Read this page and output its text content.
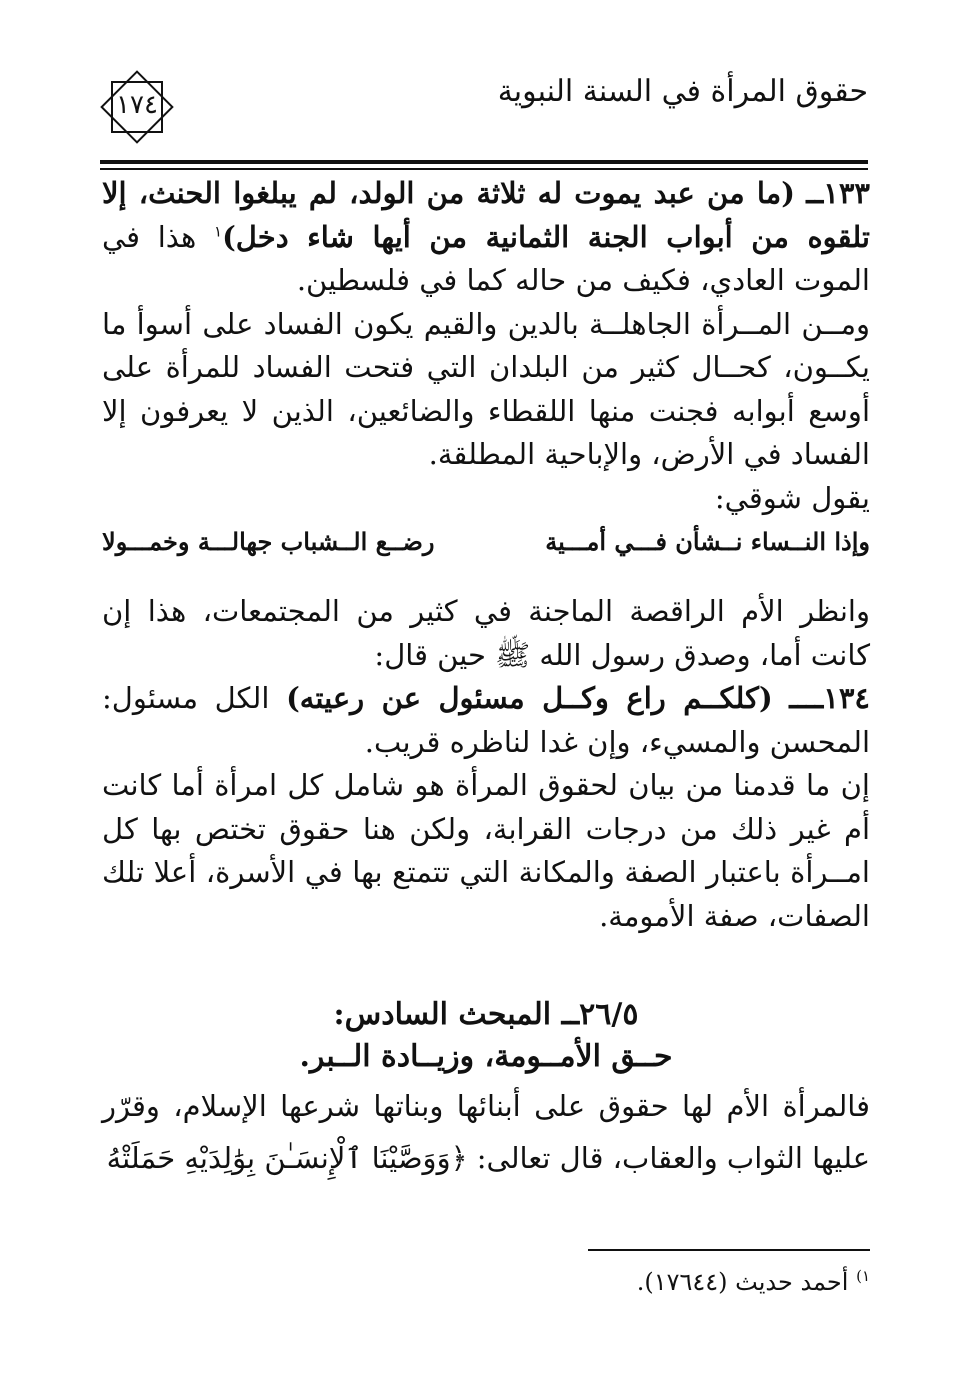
حقوق المرأة في السنة النبوية
١٧٤

١٣٣ــ (ما من عبد يموت له ثلاثة من الولد، لم يبلغوا الحنث، إلا تلقوه من أبواب الجنة الثمانية من أيها شاء دخل)$^١$ هذا في الموت العادي، فكيف من حاله كما في فلسطين.

ومــن المــرأة الجاهلــة بالدين والقيم يكون الفساد على أسوأ ما يكــون، كحــال كثير من البلدان التي فتحت الفساد للمرأة على أوسع أبوابه فجنت منها اللقطاء والضائعين، الذين لا يعرفون إلا الفساد في الأرض، والإباحية المطلقة.

يقول شوقي:

وإذا النــساء نــشأن فـــي أمـــية
رضــع الــشباب جهالـــة وخمـــولا

وانظر الأم الراقصة الماجنة في كثير من المجتمعات، هذا إن كانت أما، وصدق رسول الله ﷺ حين قال:

١٣٤ــــ (كلكــم راع وكــل مسئول عن رعيته) الكل مسئول: المحسن والمسيء، وإن غدا لناظره قريب.

إن ما قدمنا من بيان لحقوق المرأة هو شامل كل امرأة أما كانت أم غير ذلك من درجات القرابة، ولكن هنا حقوق تختص بها كل امــرأة باعتبار الصفة والمكانة التي تتمتع بها في الأسرة، أعلا تلك الصفات، صفة الأمومة.

٢٦/٥ــ المبحث السادس:
حــق الأمــومة، وزيــادة الــبر.

فالمرأة الأم لها حقوق على أبنائها وبناتها شرعها الإسلام، وقرّر عليها الثواب والعقاب، قال تعالى: ﴿وَوَصَّيْنَا ٱلْإِنسَـٰنَ بِوَٰلِدَيْهِ حَمَلَتْهُ

$^{١)}$ أحمد حديث (١٧٦٤٤).
